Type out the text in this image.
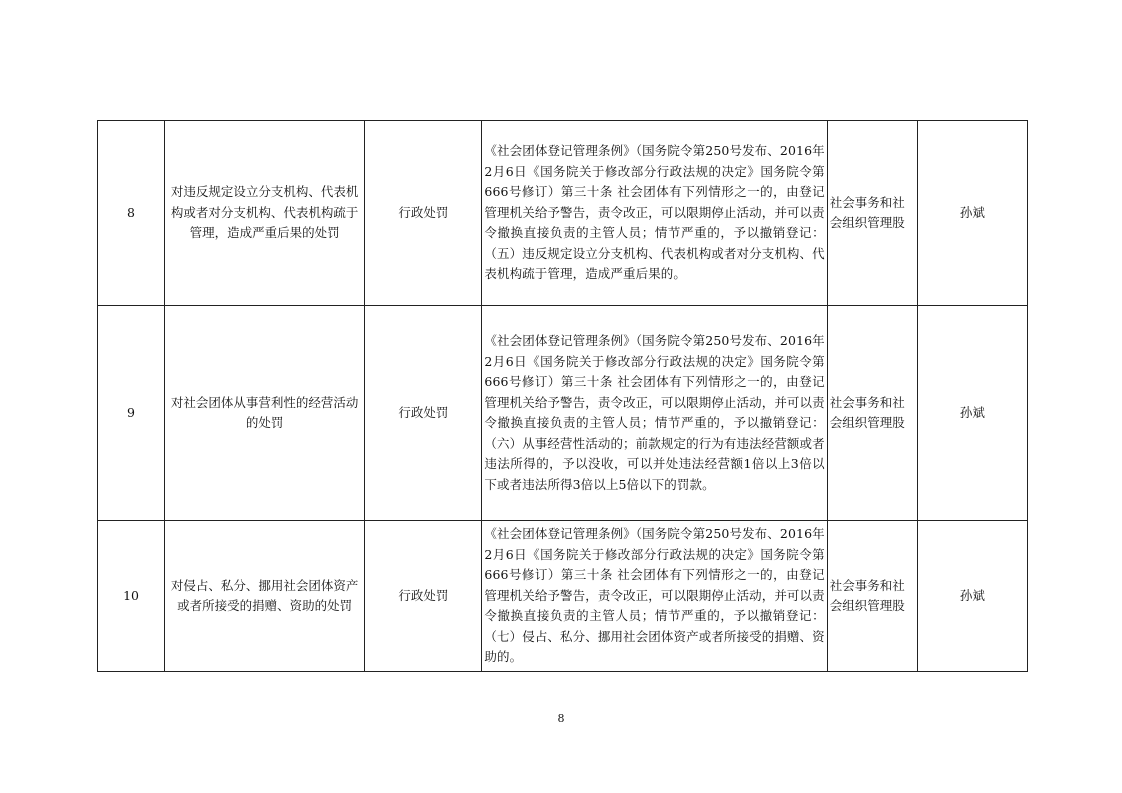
8	对违反规定设立分支机构、代表机构或者对分支机构、代表机构疏于管理，造成严重后果的处罚	行政处罚	《社会团体登记管理条例》（国务院令第250号发布、2016年2月6日《国务院关于修改部分行政法规的决定》国务院令第666号修订）第三十条 社会团体有下列情形之一的，由登记管理机关给予警告，责令改正，可以限期停止活动，并可以责令撤换直接负责的主管人员；情节严重的，予以撤销登记：（五）违反规定设立分支机构、代表机构或者对分支机构、代表机构疏于管理，造成严重后果的。	社会事务和社会组织管理股	孙斌
9	对社会团体从事营利性的经营活动的处罚	行政处罚	《社会团体登记管理条例》（国务院令第250号发布、2016年2月6日《国务院关于修改部分行政法规的决定》国务院令第666号修订）第三十条 社会团体有下列情形之一的，由登记管理机关给予警告，责令改正，可以限期停止活动，并可以责令撤换直接负责的主管人员；情节严重的，予以撤销登记：（六）从事经营性活动的；前款规定的行为有违法经营额或者违法所得的，予以没收，可以并处违法经营额1倍以上3倍以下或者违法所得3倍以上5倍以下的罚款。	社会事务和社会组织管理股	孙斌
10	对侵占、私分、挪用社会团体资产或者所接受的捐赠、资助的处罚	行政处罚	《社会团体登记管理条例》（国务院令第250号发布、2016年2月6日《国务院关于修改部分行政法规的决定》国务院令第666号修订）第三十条 社会团体有下列情形之一的，由登记管理机关给予警告，责令改正，可以限期停止活动，并可以责令撤换直接负责的主管人员；情节严重的，予以撤销登记：（七）侵占、私分、挪用社会团体资产或者所接受的捐赠、资助的。	社会事务和社会组织管理股	孙斌
8
